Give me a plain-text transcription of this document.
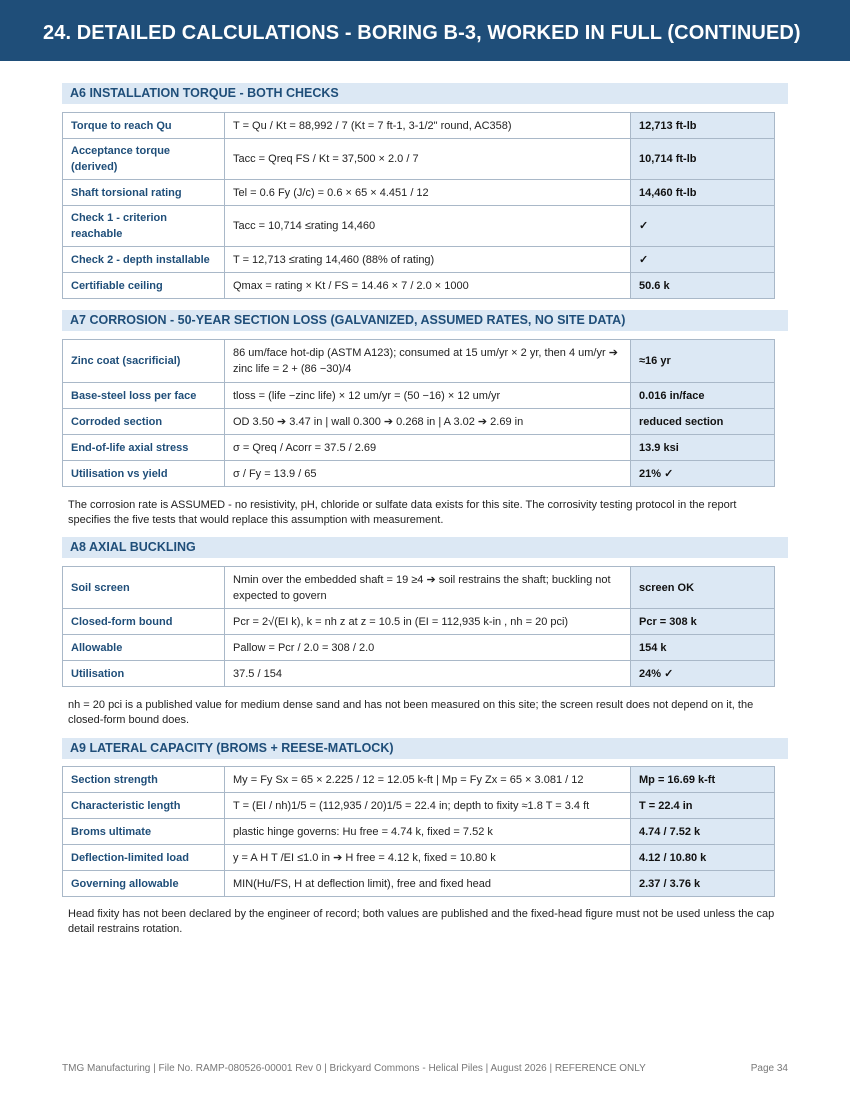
24. DETAILED CALCULATIONS - BORING B-3, WORKED IN FULL (CONTINUED)
A6 INSTALLATION TORQUE - BOTH CHECKS
Torque to reach Qu	T = Qu / Kt = 88,992 / 7 (Kt = 7 ft-1, 3-1/2" round, AC358)	12,713 ft-lb
Acceptance torque (derived)	Tacc = Qreq FS / Kt = 37,500 × 2.0 / 7	10,714 ft-lb
Shaft torsional rating	Tel = 0.6 Fy (J/c) = 0.6 × 65 × 4.451 / 12	14,460 ft-lb
Check 1 - criterion reachable	Tacc = 10,714 ≤rating 14,460	✓
Check 2 - depth installable	T = 12,713 ≤rating 14,460 (88% of rating)	✓
Certifiable ceiling	Qmax = rating × Kt / FS = 14.46 × 7 / 2.0 × 1000	50.6 k
A7 CORROSION - 50-YEAR SECTION LOSS (GALVANIZED, ASSUMED RATES, NO SITE DATA)
Zinc coat (sacrificial)	86 um/face hot-dip (ASTM A123); consumed at 15 um/yr × 2 yr, then 4 um/yr ➔ zinc life = 2 + (86 −30)/4	≈16 yr
Base-steel loss per face	tloss = (life −zinc life) × 12 um/yr = (50 −16) × 12 um/yr	0.016 in/face
Corroded section	OD 3.50 ➔ 3.47 in | wall 0.300 ➔ 0.268 in | A 3.02 ➔ 2.69 in	reduced section
End-of-life axial stress	σ = Qreq / Acorr = 37.5 / 2.69	13.9 ksi
Utilisation vs yield	σ / Fy = 13.9 / 65	21% ✓
The corrosion rate is ASSUMED - no resistivity, pH, chloride or sulfate data exists for this site. The corrosivity testing protocol in the report specifies the five tests that would replace this assumption with measurement.
A8 AXIAL BUCKLING
Soil screen	Nmin over the embedded shaft = 19 ≥4 ➔ soil restrains the shaft; buckling not expected to govern	screen OK
Closed-form bound	Pcr = 2√(EI k), k = nh z at z = 10.5 in (EI = 112,935 k-in , nh = 20 pci)	Pcr = 308 k
Allowable	Pallow = Pcr / 2.0 = 308 / 2.0	154 k
Utilisation	37.5 / 154	24% ✓
nh = 20 pci is a published value for medium dense sand and has not been measured on this site; the screen result does not depend on it, the closed-form bound does.
A9 LATERAL CAPACITY (BROMS + REESE-MATLOCK)
Section strength	My = Fy Sx = 65 × 2.225 / 12 = 12.05 k-ft | Mp = Fy Zx = 65 × 3.081 / 12	Mp = 16.69 k-ft
Characteristic length	T = (EI / nh)1/5 = (112,935 / 20)1/5 = 22.4 in; depth to fixity ≈1.8 T = 3.4 ft	T = 22.4 in
Broms ultimate	plastic hinge governs: Hu free = 4.74 k, fixed = 7.52 k	4.74 / 7.52 k
Deflection-limited load	y = A H T /EI ≤1.0 in ➔ H free = 4.12 k, fixed = 10.80 k	4.12 / 10.80 k
Governing allowable	MIN(Hu/FS, H at deflection limit), free and fixed head	2.37 / 3.76 k
Head fixity has not been declared by the engineer of record; both values are published and the fixed-head figure must not be used unless the cap detail restrains rotation.
TMG Manufacturing | File No. RAMP-080526-00001 Rev 0 | Brickyard Commons - Helical Piles | August 2026 | REFERENCE ONLY	Page 34
